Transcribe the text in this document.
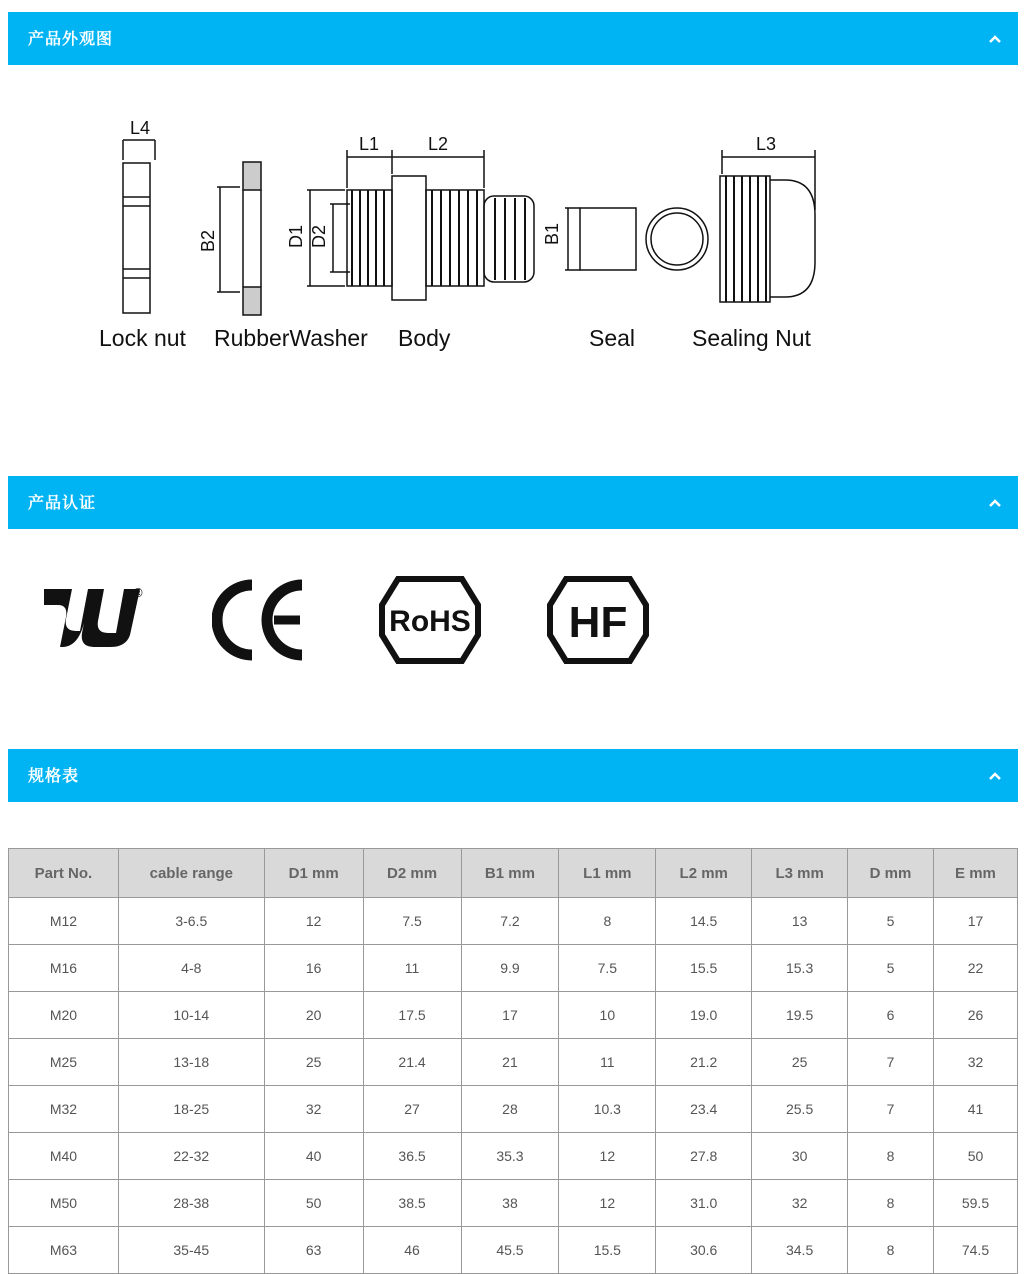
产品外观图
L4
B2
L1	L2
D1 D2	B1
L3
Lock nut RubberWasher Body	Seal Sealing Nut
产品认证
®
RoHS HF
规格表
Part No.	cable range	D1 mm	D2 mm	B1 mm	L1 mm	L2 mm	L3 mm	D mm	E mm
M12	3-6.5	12	7.5	7.2	8	14.5	13	5	17
M16	4-8	16	11	9.9	7.5	15.5	15.3	5	22
M20	10-14	20	17.5	17	10	19.0	19.5	6	26
M25	13-18	25	21.4	21	11	21.2	25	7	32
M32	18-25	32	27	28	10.3	23.4	25.5	7	41
M40	22-32	40	36.5	35.3	12	27.8	30	8	50
M50	28-38	50	38.5	38	12	31.0	32	8	59.5
M63	35-45	63	46	45.5	15.5	30.6	34.5	8	74.5
